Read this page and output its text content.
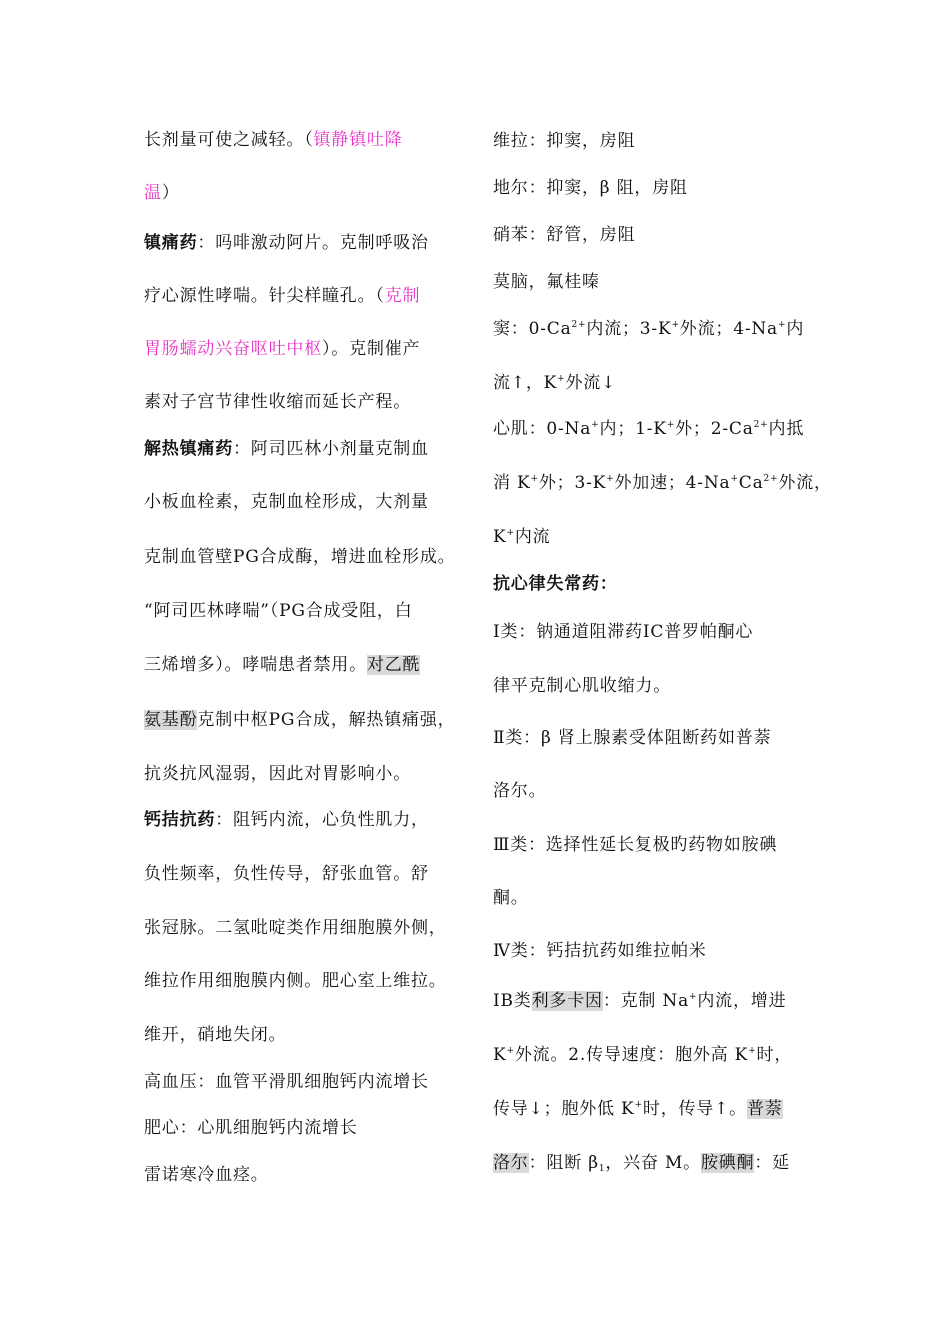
长剂量可使之减轻。（镇静镇吐降
温）
镇痛药：吗啡激动阿片。克制呼吸治
疗心源性哮喘。针尖样瞳孔。（克制
胃肠蠕动兴奋呕吐中枢）。克制催产
素对子宫节律性收缩而延长产程。
解热镇痛药：阿司匹林小剂量克制血
小板血栓素，克制血栓形成，大剂量
克制血管壁PG合成酶，增进血栓形成。
“阿司匹林哮喘”（PG合成受阻，白
三烯增多）。哮喘患者禁用。对乙酰
氨基酚克制中枢PG合成，解热镇痛强，
抗炎抗风湿弱，因此对胃影响小。
钙拮抗药：阻钙内流，心负性肌力，
负性频率，负性传导，舒张血管。舒
张冠脉。二氢吡啶类作用细胞膜外侧，
维拉作用细胞膜内侧。肥心室上维拉。
维开，硝地失闭。
高血压：血管平滑肌细胞钙内流增长
肥心：心肌细胞钙内流增长
雷诺寒冷血痉。
维拉：抑窦，房阻
地尔：抑窦，β 阻，房阻
硝苯：舒管，房阻
莫脑，氟桂嗪
窦：$0-Ca^{2+}$内流；3-K+外流；4-Na+内
流↑，K+外流↓
心肌：0-Na+内；1-K+外；$2-Ca^{2+}$内抵
消 K+外；3-K+外加速；$4-Na^+Ca^{2+}$外流，
K+内流
抗心律失常药：
Ⅰ类：钠通道阻滞药ⅠC普罗帕酮心
律平克制心肌收缩力。
Ⅱ类：β 肾上腺素受体阻断药如普萘
洛尔。
Ⅲ类：选择性延长复极旳药物如胺碘
酮。
Ⅳ类：钙拮抗药如维拉帕米
ⅠB类利多卡因：克制 Na+内流，增进
K+外流。2.传导速度：胞外高 K+时，
传导↓；胞外低 K+时，传导↑。普萘
洛尔：阻断 $\beta_1$，兴奋 M。胺碘酮：延
